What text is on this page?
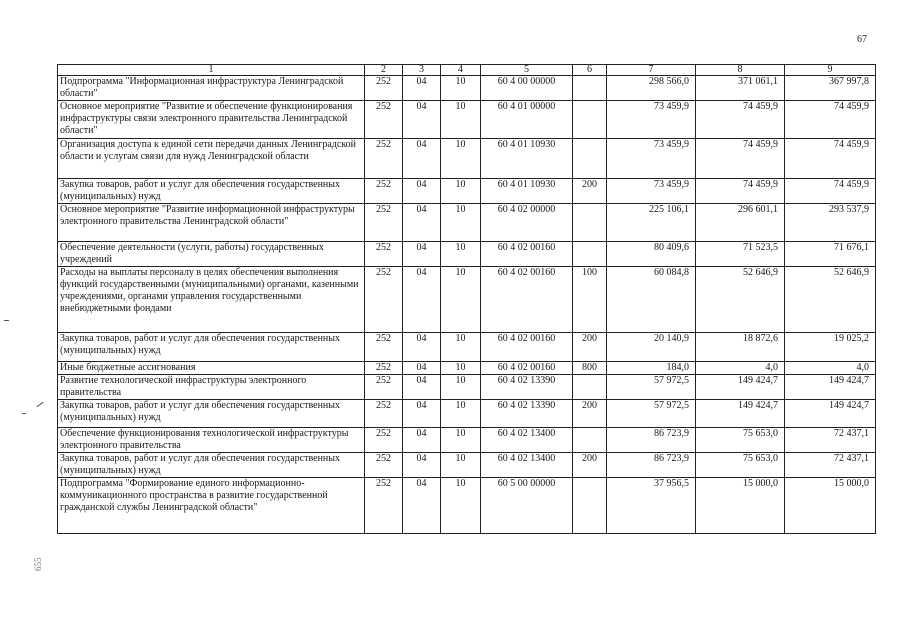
67
1	2	3	4	5	6	7	8	9
Подпрограмма "Информационная инфраструктура Ленинградской области"	252	04	10	60 4 00 00000		298 566,0	371 061,1	367 997,8
Основное мероприятие "Развитие и обеспечение функционирования инфраструктуры связи электронного правительства Ленинградской области"	252	04	10	60 4 01 00000		73 459,9	74 459,9	74 459,9
Организация доступа к единой сети передачи данных Ленинградской области и услугам связи для нужд Ленинградской области	252	04	10	60 4 01 10930		73 459,9	74 459,9	74 459,9
Закупка товаров, работ и услуг для обеспечения государственных (муниципальных) нужд	252	04	10	60 4 01 10930	200	73 459,9	74 459,9	74 459,9
Основное мероприятие "Развитие информационной инфраструктуры электронного правительства Ленинградской области"	252	04	10	60 4 02 00000		225 106,1	296 601,1	293 537,9
Обеспечение деятельности (услуги, работы) государственных учреждений	252	04	10	60 4 02 00160		80 409,6	71 523,5	71 676,1
Расходы на выплаты персоналу в целях обеспечения выполнения функций государственными (муниципальными) органами, казенными учреждениями, органами управления государственными внебюджетными фондами	252	04	10	60 4 02 00160	100	60 084,8	52 646,9	52 646,9
Закупка товаров, работ и услуг для обеспечения государственных (муниципальных) нужд	252	04	10	60 4 02 00160	200	20 140,9	18 872,6	19 025,2
Иные бюджетные ассигнования	252	04	10	60 4 02 00160	800	184,0	4,0	4,0
Развитие технологической инфраструктуры электронного правительства	252	04	10	60 4 02 13390		57 972,5	149 424,7	149 424,7
Закупка товаров, работ и услуг для обеспечения государственных (муниципальных) нужд	252	04	10	60 4 02 13390	200	57 972,5	149 424,7	149 424,7
Обеспечение функционирования технологической инфраструктуры электронного правительства	252	04	10	60 4 02 13400		86 723,9	75 653,0	72 437,1
Закупка товаров, работ и услуг для обеспечения государственных (муниципальных) нужд	252	04	10	60 4 02 13400	200	86 723,9	75 653,0	72 437,1
Подпрограмма "Формирование единого информационно-коммуникационного пространства в развитие государственной гражданской службы Ленинградской области"	252	04	10	60 5 00 00000		37 956,5	15 000,0	15 000,0
655
